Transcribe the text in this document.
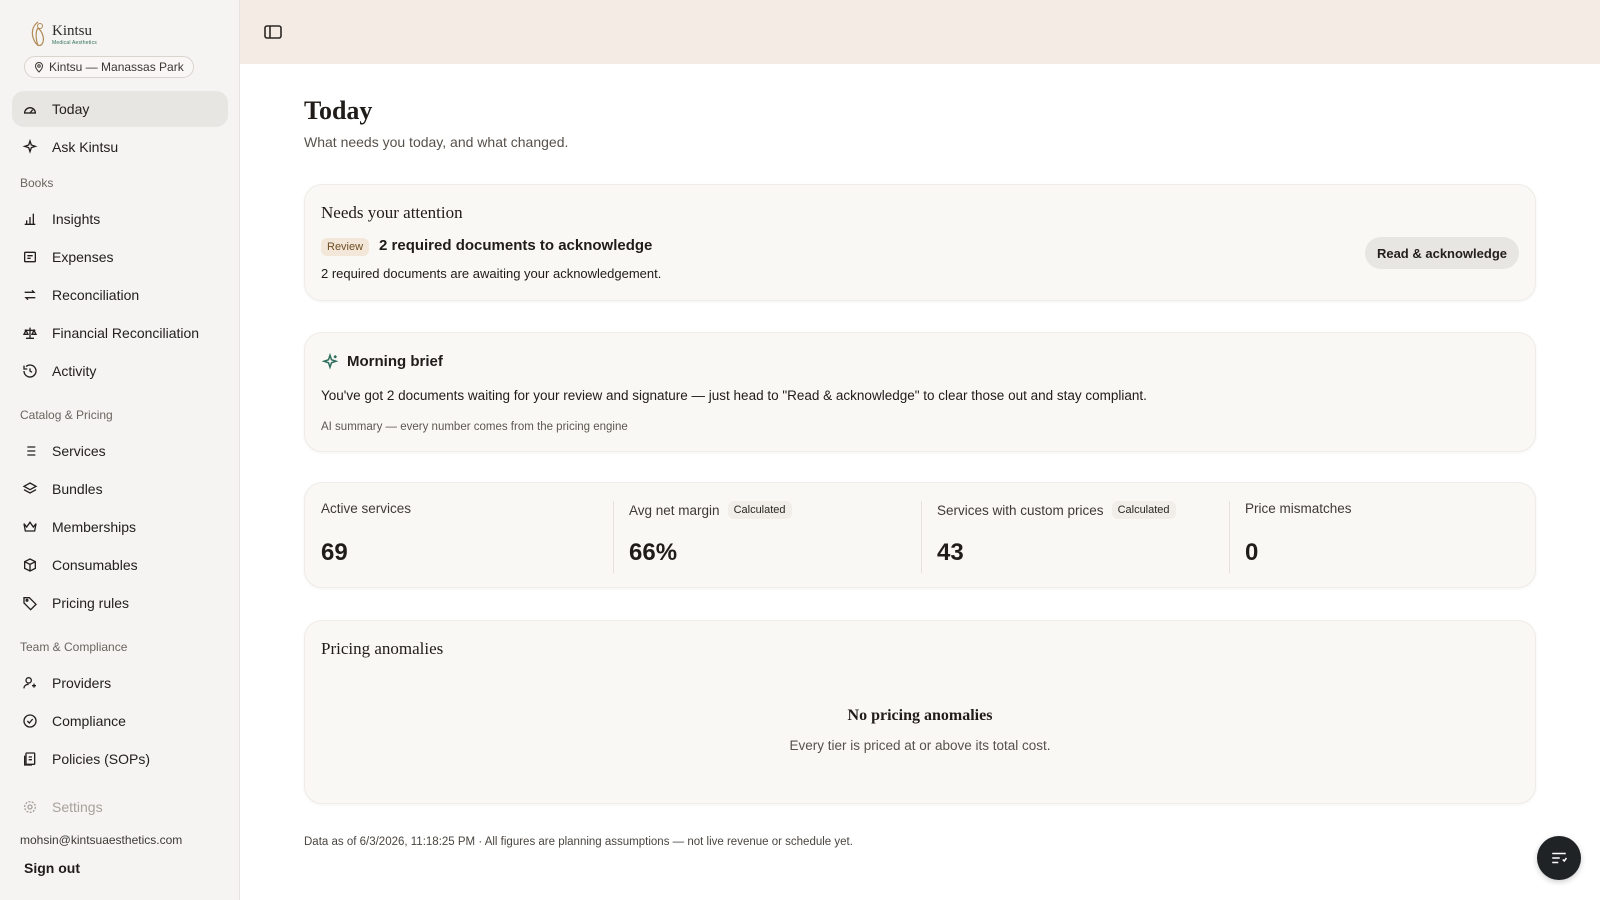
Kintsu
Medical Aesthetics
Kintsu — Manassas Park
Today
Ask Kintsu
Books
Insights
Expenses
Reconciliation
Financial Reconciliation
Activity
Catalog & Pricing
Services
Bundles
Memberships
Consumables
Pricing rules
Team & Compliance
Providers
Compliance
Policies (SOPs)
Settings
mohsin@kintsuaesthetics.com
Sign out
Today

What needs you today, and what changed.

Needs your attention
Review	2 required documents to acknowledge
2 required documents are awaiting your acknowledgement.
Read & acknowledge
Morning brief
You've got 2 documents waiting for your review and signature — just head to "Read & acknowledge" to clear those out and stay compliant.
AI summary — every number comes from the pricing engine
Active services
69
Avg net margin	Calculated
66%
Services with custom prices	Calculated
43
Price mismatches
0
Pricing anomalies
No pricing anomalies
Every tier is priced at or above its total cost.
Data as of 6/3/2026, 11:18:25 PM · All figures are planning assumptions — not live revenue or schedule yet.
